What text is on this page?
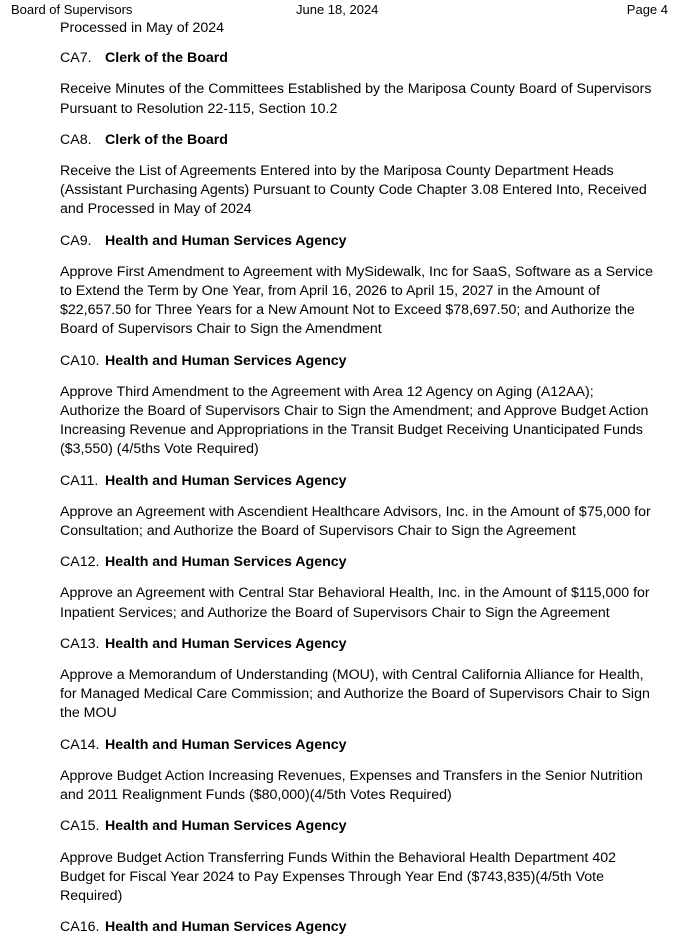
Board of Supervisors	June 18, 2024	Page 4
Processed in May of 2024
CA7. Clerk of the Board
Receive Minutes of the Committees Established by the Mariposa County Board of Supervisors
Pursuant to Resolution 22-115, Section 10.2
CA8. Clerk of the Board
Receive the List of Agreements Entered into by the Mariposa County Department Heads
(Assistant Purchasing Agents) Pursuant to County Code Chapter 3.08 Entered Into, Received
and Processed in May of 2024
CA9. Health and Human Services Agency
Approve First Amendment to Agreement with MySidewalk, Inc for SaaS, Software as a Service
to Extend the Term by One Year, from April 16, 2026 to April 15, 2027 in the Amount of
$22,657.50 for Three Years for a New Amount Not to Exceed $78,697.50; and Authorize the
Board of Supervisors Chair to Sign the Amendment
CA10. Health and Human Services Agency
Approve Third Amendment to the Agreement with Area 12 Agency on Aging (A12AA);
Authorize the Board of Supervisors Chair to Sign the Amendment; and Approve Budget Action
Increasing Revenue and Appropriations in the Transit Budget Receiving Unanticipated Funds
($3,550) (4/5ths Vote Required)
CA11. Health and Human Services Agency
Approve an Agreement with Ascendient Healthcare Advisors, Inc. in the Amount of $75,000 for
Consultation; and Authorize the Board of Supervisors Chair to Sign the Agreement
CA12. Health and Human Services Agency
Approve an Agreement with Central Star Behavioral Health, Inc. in the Amount of $115,000 for
Inpatient Services; and Authorize the Board of Supervisors Chair to Sign the Agreement
CA13. Health and Human Services Agency
Approve a Memorandum of Understanding (MOU), with Central California Alliance for Health,
for Managed Medical Care Commission; and Authorize the Board of Supervisors Chair to Sign
the MOU
CA14. Health and Human Services Agency
Approve Budget Action Increasing Revenues, Expenses and Transfers in the Senior Nutrition
and 2011 Realignment Funds ($80,000)(4/5th Votes Required)
CA15. Health and Human Services Agency
Approve Budget Action Transferring Funds Within the Behavioral Health Department 402
Budget for Fiscal Year 2024 to Pay Expenses Through Year End ($743,835)(4/5th Vote Required)
CA16. Health and Human Services Agency
